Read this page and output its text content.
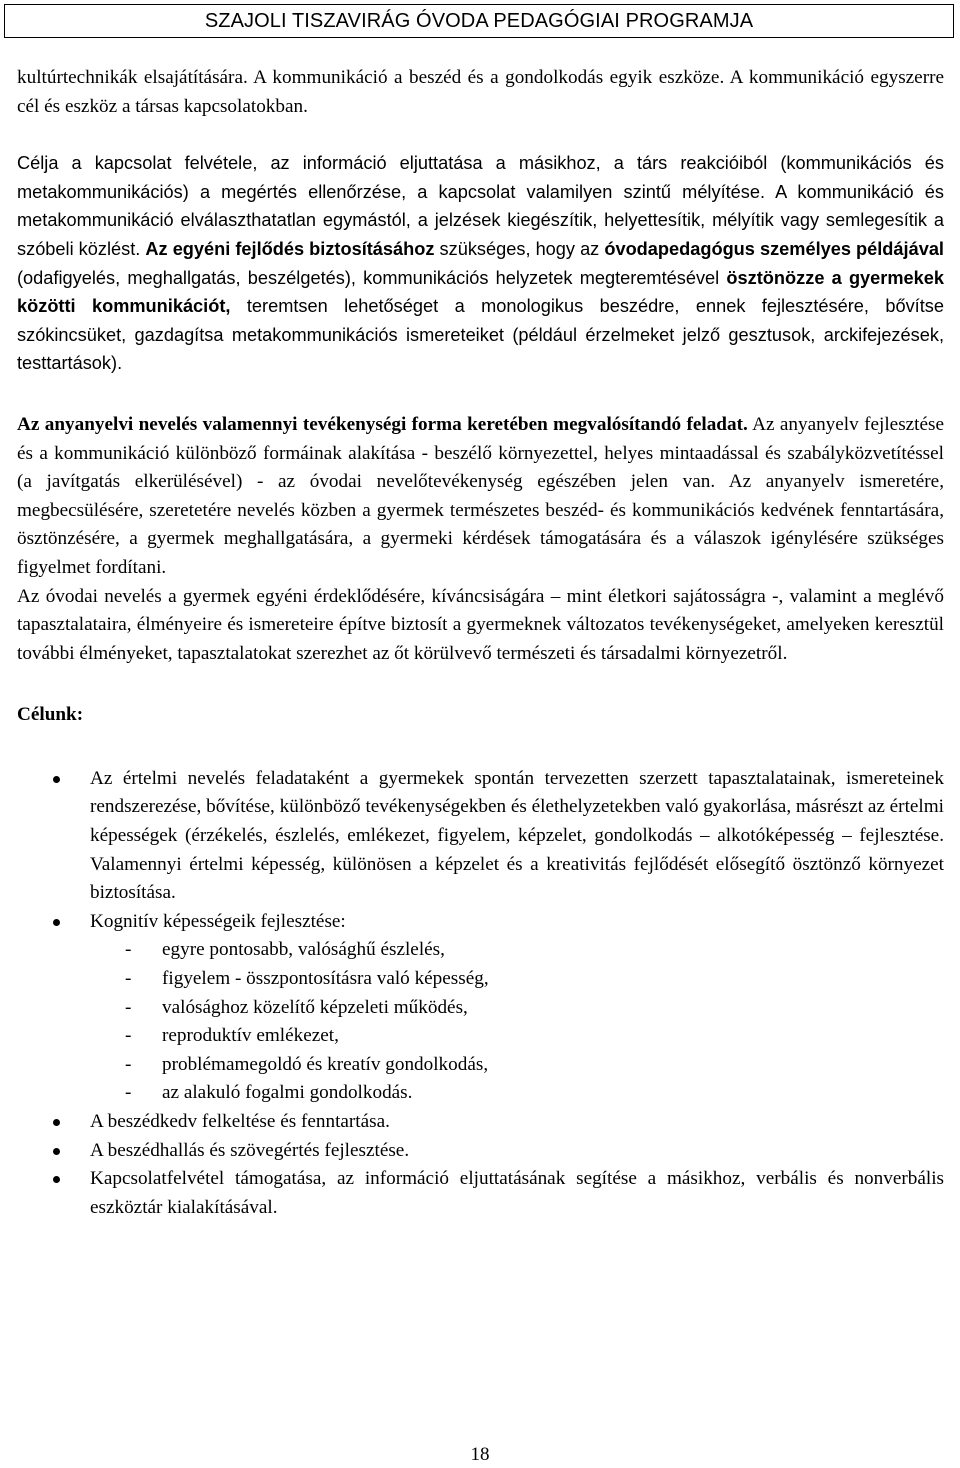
SZAJOLI TISZAVIRÁG ÓVODA PEDAGÓGIAI PROGRAMJA

kultúrtechnikák elsajátítására. A kommunikáció a beszéd és a gondolkodás egyik eszköze. A kommunikáció egyszerre cél és eszköz a társas kapcsolatokban.

Célja a kapcsolat felvétele, az információ eljuttatása a másikhoz, a társ reakcióiból (kommunikációs és metakommunikációs) a megértés ellenőrzése, a kapcsolat valamilyen szintű mélyítése. A kommunikáció és metakommunikáció elválaszthatatlan egymástól, a jelzések kiegészítik, helyettesítik, mélyítik vagy semlegesítik a szóbeli közlést. Az egyéni fejlődés biztosításához szükséges, hogy az óvodapedagógus személyes példájával (odafigyelés, meghallgatás, beszélgetés), kommunikációs helyzetek megteremtésével ösztönözze a gyermekek közötti kommunikációt, teremtsen lehetőséget a monologikus beszédre, ennek fejlesztésére, bővítse szókincsüket, gazdagítsa metakommunikációs ismereteiket (például érzelmeket jelző gesztusok, arckifejezések, testtartások).

Az anyanyelvi nevelés valamennyi tevékenységi forma keretében megvalósítandó feladat. Az anyanyelv fejlesztése és a kommunikáció különböző formáinak alakítása - beszélő környezettel, helyes mintaadással és szabályközvetítéssel (a javítgatás elkerülésével) - az óvodai nevelőtevékenység egészében jelen van. Az anyanyelv ismeretére, megbecsülésére, szeretetére nevelés közben a gyermek természetes beszéd- és kommunikációs kedvének fenntartására, ösztönzésére, a gyermek meghallgatására, a gyermeki kérdések támogatására és a válaszok igénylésére szükséges figyelmet fordítani.

Az óvodai nevelés a gyermek egyéni érdeklődésére, kíváncsiságára – mint életkori sajátosságra -, valamint a meglévő tapasztalataira, élményeire és ismereteire építve biztosít a gyermeknek változatos tevékenységeket, amelyeken keresztül további élményeket, tapasztalatokat szerezhet az őt körülvevő természeti és társadalmi környezetről.

Célunk:

Az értelmi nevelés feladataként a gyermekek spontán tervezetten szerzett tapasztalatainak, ismereteinek rendszerezése, bővítése, különböző tevékenységekben és élethelyzetekben való gyakorlása, másrészt az értelmi képességek (érzékelés, észlelés, emlékezet, figyelem, képzelet, gondolkodás – alkotóképesség – fejlesztése. Valamennyi értelmi képesség, különösen a képzelet és a kreativitás fejlődését elősegítő ösztönző környezet biztosítása.
Kognitív képességeik fejlesztése:
- egyre pontosabb, valósághű észlelés,
- figyelem - összpontosításra való képesség,
- valósághoz közelítő képzeleti működés,
- reproduktív emlékezet,
- problémamegoldó és kreatív gondolkodás,
- az alakuló fogalmi gondolkodás.
A beszédkedv felkeltése és fenntartása.
A beszédhallás és szövegértés fejlesztése.
Kapcsolatfelvétel támogatása, az információ eljuttatásának segítése a másikhoz, verbális és nonverbális eszköztár kialakításával.
18
